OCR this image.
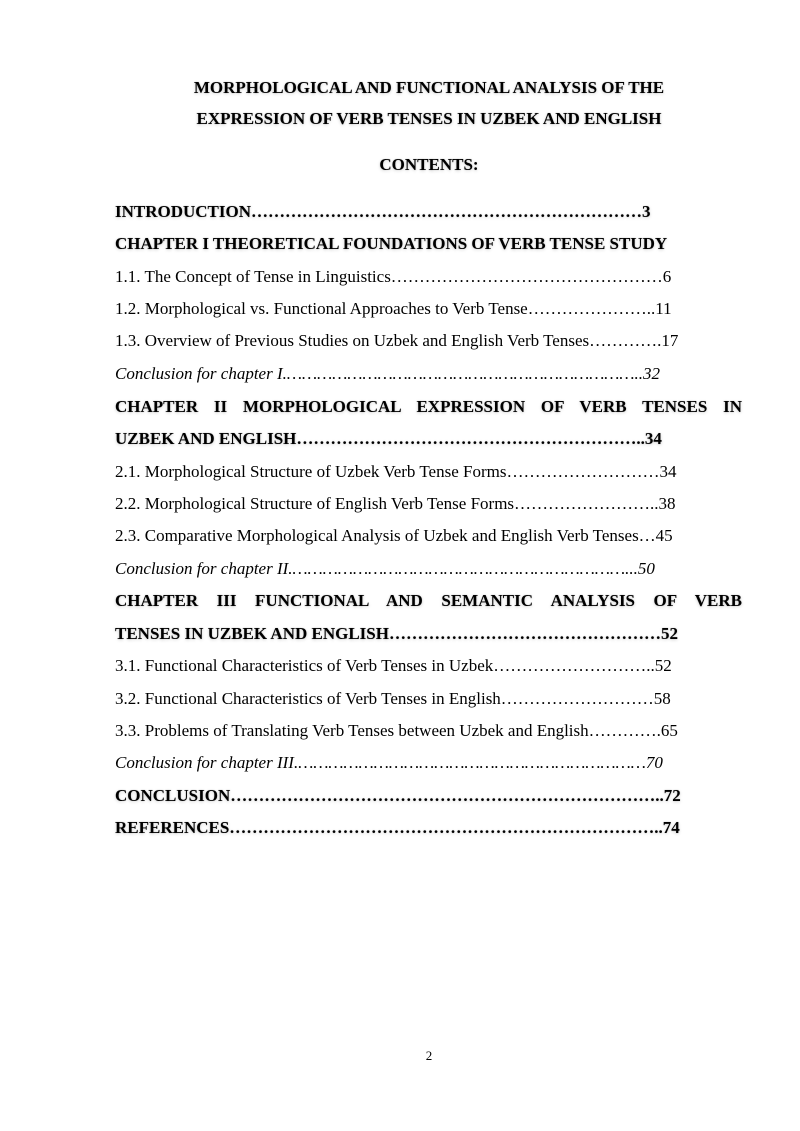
MORPHOLOGICAL AND FUNCTIONAL ANALYSIS OF THE
EXPRESSION OF VERB TENSES IN UZBEK AND ENGLISH
CONTENTS:
INTRODUCTION……………………………………………………………3
CHAPTER I THEORETICAL FOUNDATIONS OF VERB TENSE STUDY
1.1. The Concept of Tense in Linguistics…………………………………………6
1.2. Morphological vs. Functional Approaches to Verb Tense…………………..11
1.3. Overview of Previous Studies on Uzbek and English Verb Tenses………….17
Conclusion for chapter I.……………………………………………………………..32
CHAPTER II MORPHOLOGICAL EXPRESSION OF VERB TENSES IN
UZBEK AND ENGLISH……………………………………………………..34
2.1. Morphological Structure of Uzbek Verb Tense Forms………………………34
2.2. Morphological Structure of English Verb Tense Forms……………………..38
2.3. Comparative Morphological Analysis of Uzbek and English Verb Tenses…45
Conclusion for chapter II.…………………………………………………………...50
CHAPTER III FUNCTIONAL AND SEMANTIC ANALYSIS OF VERB
TENSES IN UZBEK AND ENGLISH…………………………………………52
3.1. Functional Characteristics of Verb Tenses in Uzbek………………………..52
3.2. Functional Characteristics of Verb Tenses in English………………………58
3.3. Problems of Translating Verb Tenses between Uzbek and English………….65
Conclusion for chapter III.……………………………………………………………70
CONCLUSION…………………………………………………………………..72
REFERENCES…………………………………………………………………..74
2
